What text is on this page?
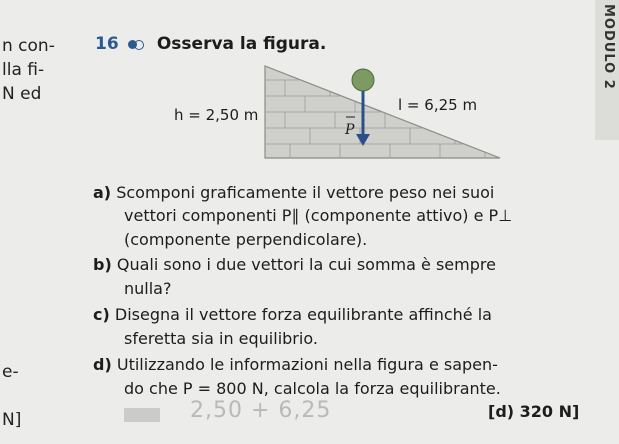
n con-
lla fi-
N ed
e-
N]
MODULO 2
16 Osserva la figura.
h = 2,50 m
l = 6,25 m
P
a) Scomponi graficamente il vettore peso nei suoi
vettori componenti P∥ (componente attivo) e P⊥
(componente perpendicolare).
b) Quali sono i due vettori la cui somma è sempre
nulla?
c) Disegna il vettore forza equilibrante affinché la
sferetta sia in equilibrio.
d) Utilizzando le informazioni nella figura e sapen-
do che P = 800 N, calcola la forza equilibrante.
2,50 + 6,25	[d) 320 N]
